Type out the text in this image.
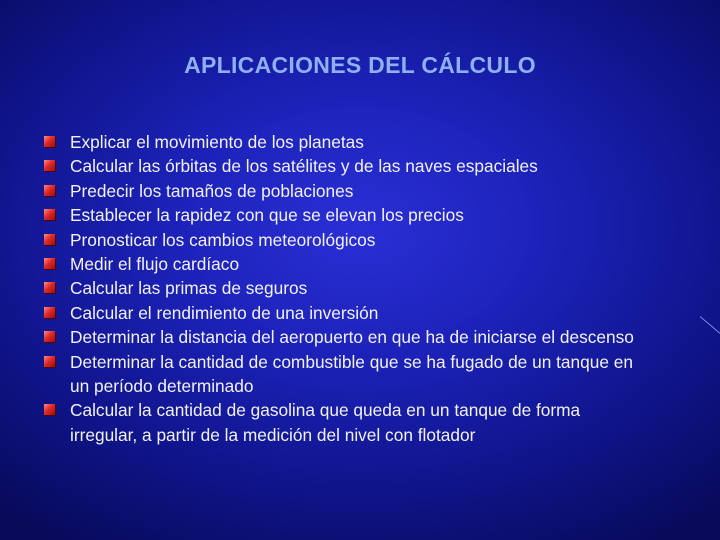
APLICACIONES DEL CÁLCULO
Explicar el movimiento de los planetas
Calcular las órbitas de los satélites y de las naves espaciales
Predecir los tamaños de poblaciones
Establecer la rapidez con que se elevan los precios
Pronosticar los cambios meteorológicos
Medir el flujo cardíaco
Calcular las primas de seguros
Calcular el rendimiento de una inversión
Determinar la distancia del aeropuerto en que ha de iniciarse el descenso
Determinar la cantidad de combustible que se ha fugado de un tanque en un período determinado
Calcular la cantidad de gasolina que queda en un tanque de forma irregular, a partir de la medición del nivel con flotador
